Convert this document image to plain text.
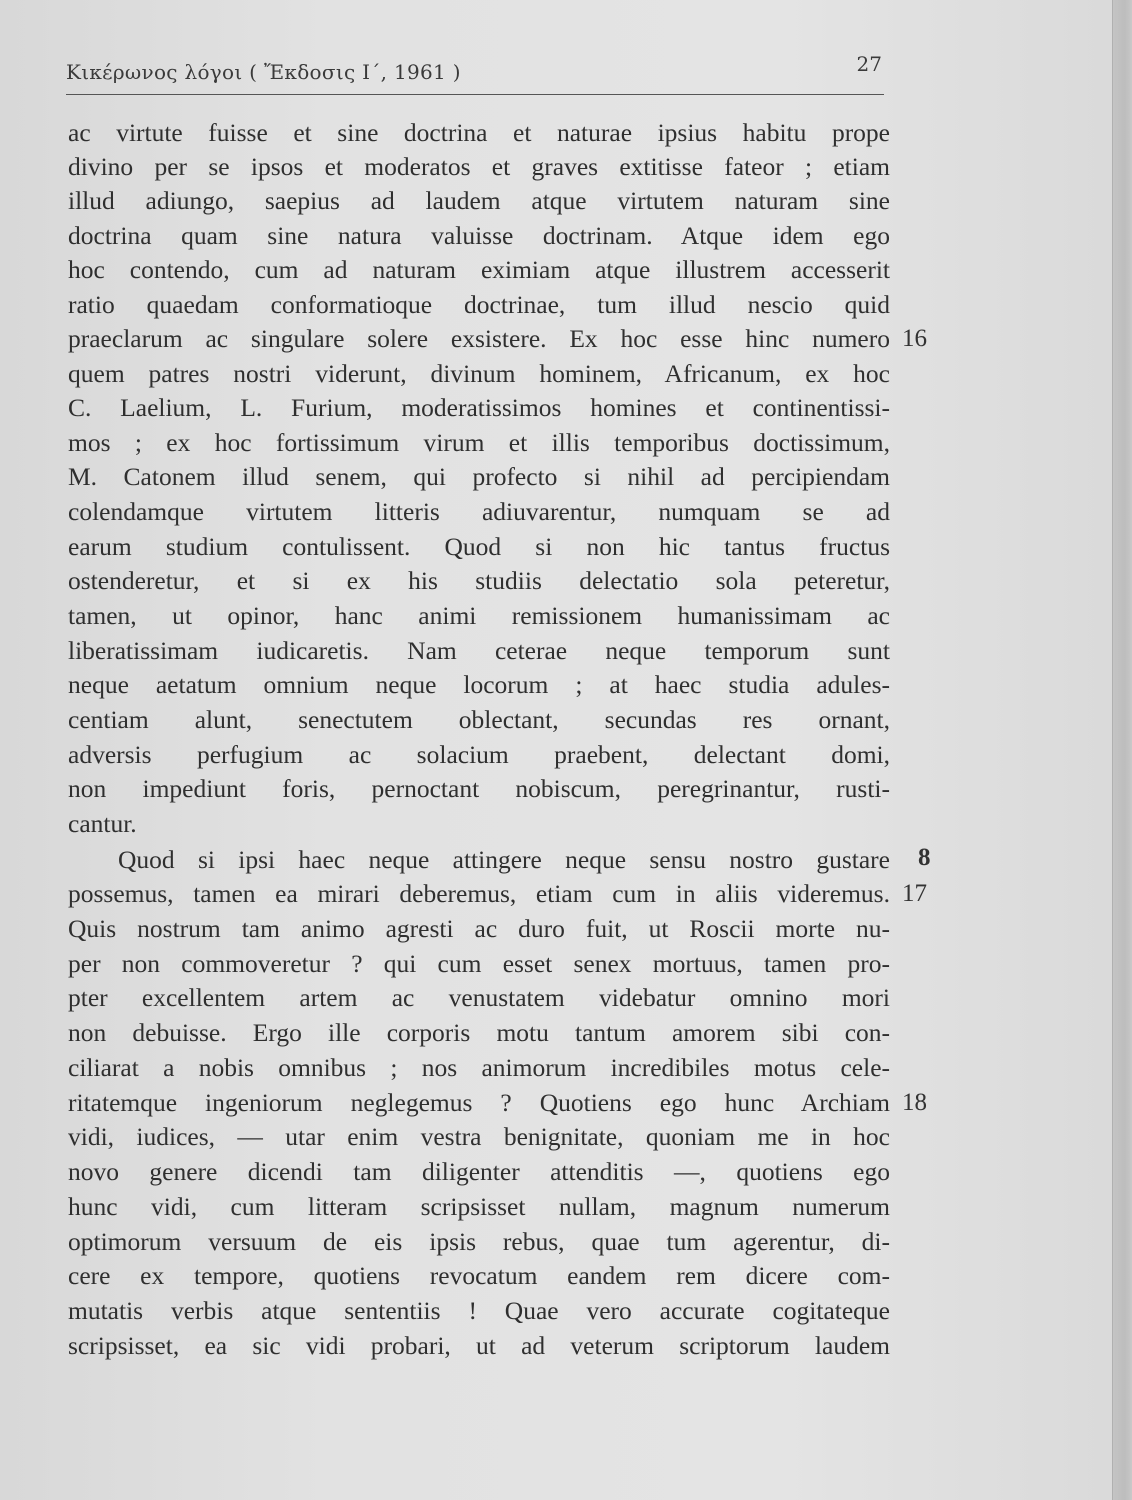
Κικέρωνος λόγοι ( Ἔκδοσις Ι΄, 1961 )	27
ac virtute fuisse et sine doctrina et naturae ipsius habitu prope
divino per se ipsos et moderatos et graves extitisse fateor ; etiam
illud adiungo, saepius ad laudem atque virtutem naturam sine
doctrina quam sine natura valuisse doctrinam. Atque idem ego
hoc contendo, cum ad naturam eximiam atque illustrem accesserit
ratio quaedam conformatioque doctrinae, tum illud nescio quid
praeclarum ac singulare solere exsistere. Ex hoc esse hinc numero
quem patres nostri viderunt, divinum hominem, Africanum, ex hoc
C. Laelium, L. Furium, moderatissimos homines et continentissi-
mos ; ex hoc fortissimum virum et illis temporibus doctissimum,
M. Catonem illud senem, qui profecto si nihil ad percipiendam
colendamque virtutem litteris adiuvarentur, numquam se ad
earum studium contulissent. Quod si non hic tantus fructus
ostenderetur, et si ex his studiis delectatio sola peteretur,
tamen, ut opinor, hanc animi remissionem humanissimam ac
liberatissimam iudicaretis. Nam ceterae neque temporum sunt
neque aetatum omnium neque locorum ; at haec studia adules-
centiam alunt, senectutem oblectant, secundas res ornant,
adversis perfugium ac solacium praebent, delectant domi,
non impediunt foris, pernoctant nobiscum, peregrinantur, rusti-
cantur.
Quod si ipsi haec neque attingere neque sensu nostro gustare
possemus, tamen ea mirari deberemus, etiam cum in aliis videremus.
Quis nostrum tam animo agresti ac duro fuit, ut Roscii morte nu-
per non commoveretur ? qui cum esset senex mortuus, tamen pro-
pter excellentem artem ac venustatem videbatur omnino mori
non debuisse. Ergo ille corporis motu tantum amorem sibi con-
ciliarat a nobis omnibus ; nos animorum incredibiles motus cele-
ritatemque ingeniorum neglegemus ? Quotiens ego hunc Archiam
vidi, iudices, — utar enim vestra benignitate, quoniam me in hoc
novo genere dicendi tam diligenter attenditis —, quotiens ego
hunc vidi, cum litteram scripsisset nullam, magnum numerum
optimorum versuum de eis ipsis rebus, quae tum agerentur, di-
cere ex tempore, quotiens revocatum eandem rem dicere com-
mutatis verbis atque sententiis ! Quae vero accurate cogitateque
scripsisset, ea sic vidi probari, ut ad veterum scriptorum laudem
16
8
17
18
